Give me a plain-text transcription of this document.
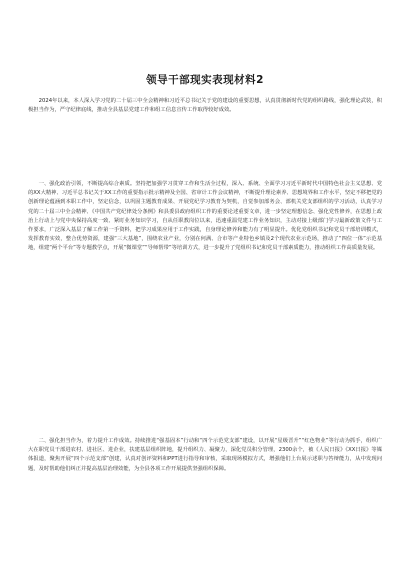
领导干部现实表现材料2
2024年以来，本人深入学习党的二十届三中全会精神和习近平总书记关于党的建设的重要思想，认真贯彻新时代党的组织路线，强化理论武装，积极担当作为，严守纪律底线，推动全县基层党建工作和组工信息宣传工作取得较好成效。
一、强化政治引领，不断提高综合素质。坚持把加强学习贯穿工作和生活全过程，深入、系统、全面学习习近平新时代中国特色社会主义思想、党的XX大精神、习近平总书记关于XX工作的重要指示批示精神及全国、省审计工作会议精神，不断提升理论素养、思想境界和工作水平，坚定不移把党的创新理论蕴涵到本职工作中，坚定信念，以巩固主题教育成果、开展党纪学习教育为契机，自觉参加部务会、部机关党支部组织的学习活动，认真学习党的二十届三中全会精神、《中国共产党纪律处分条例》和县委县政府组织工作的重要论述重要文章，进一步坚定理想信念、强化党性修养，在思想上政治上行动上与党中央保持高度一致、紧盯业务知识学习，自从任职教岗位以来，迅速重温党建工作业务知识，主动对接上级部门学习最新政策文件与工作要求，广泛深入基层了解工作第一手资料，把学习成果应用于工作实践，自身理论修养和能力有了明显提升。优化党组织书记和党员干部培训模式，发挥教育实效，整合优势资源，建强“三大基地”，围绕农业产业，分别在何满、合市等产业特色乡镇及2个现代农业示范场，推动了“四位一体”示范基地，组建“两个平台”等专题教学点，开展“微课堂”“导师帮带”等培训方式，进一步提升了党组织书记和党员干部素质能力，推动组织工作高质量发展。
二、强化担当作为，着力提升工作成效。持续推进“强基固本”行动和“四个示范党支部”建设，以开展“星级晋升”“红色物业”等行动为抓手，组织广大在职党员干部进农村、进社区、进企业，扶建基层组织阵地，提升组织力、凝聚力，深化党员积分管理，2300余个，被《人民日报》《XX日报》等媒体报道，聚焦开展“四个示范支部”创建，认真对创评资料和PPT进行指导和审核，采取现场模拟方式，增强他们上台展示述职与答辩能力，从中发现问题，及时帮助他们纠正并提高基层治理效能，为全县各项工作开展提供坚强组织保障。
